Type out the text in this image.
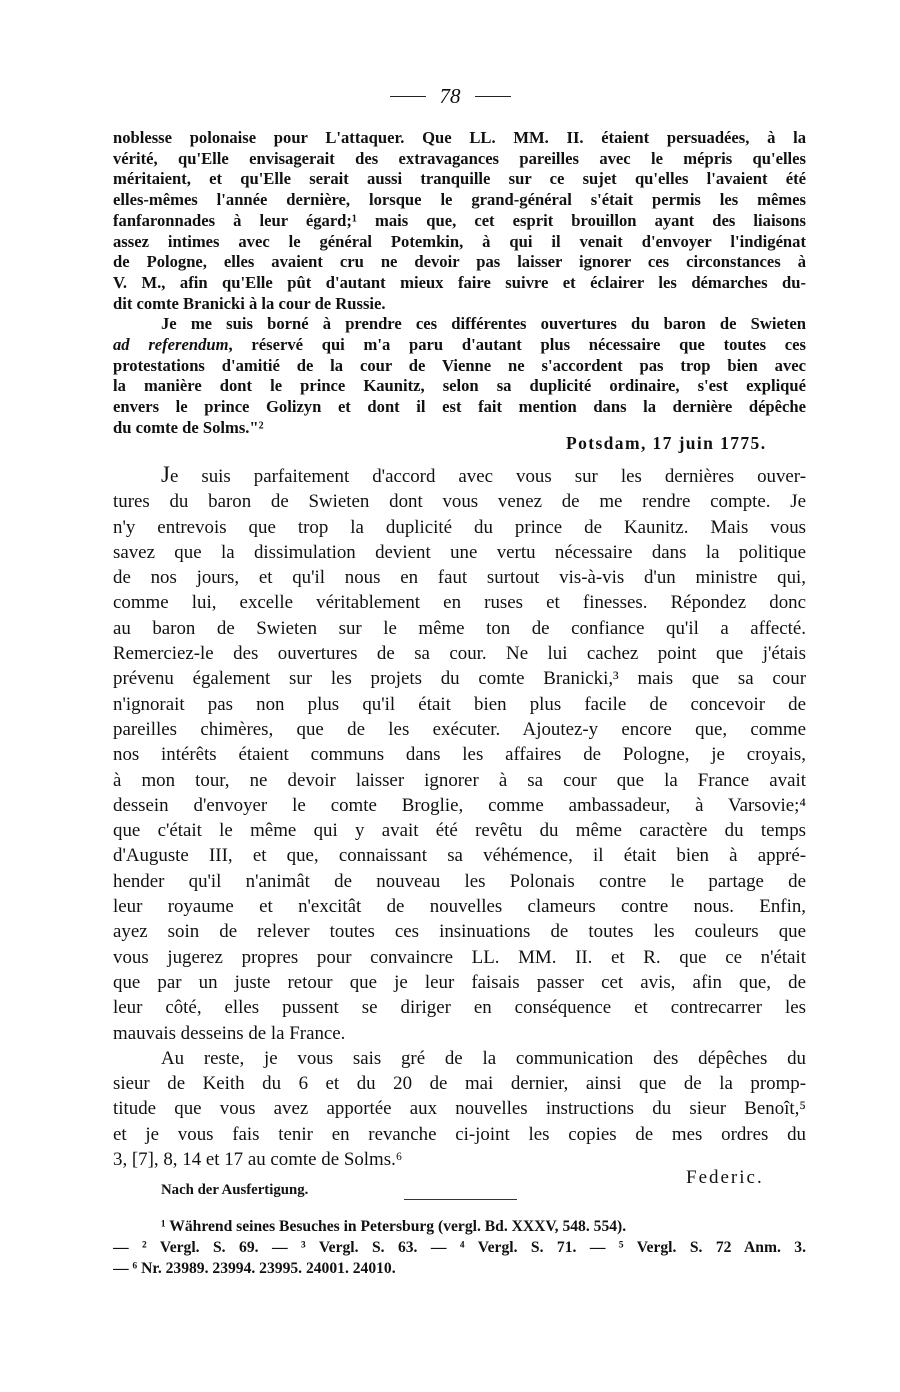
78
noblesse polonaise pour L'attaquer. Que LL. MM. II. étaient persuadées, à la
vérité, qu'Elle envisagerait des extravagances pareilles avec le mépris qu'elles
méritaient, et qu'Elle serait aussi tranquille sur ce sujet qu'elles l'avaient été
elles-mêmes l'année dernière, lorsque le grand-général s'était permis les mêmes
fanfaronnades à leur égard;¹ mais que, cet esprit brouillon ayant des liaisons
assez intimes avec le général Potemkin, à qui il venait d'envoyer l'indigénat
de Pologne, elles avaient cru ne devoir pas laisser ignorer ces circonstances à
V. M., afin qu'Elle pût d'autant mieux faire suivre et éclairer les démarches du-
dit comte Branicki à la cour de Russie.
Je me suis borné à prendre ces différentes ouvertures du baron de Swieten
ad referendum, réservé qui m'a paru d'autant plus nécessaire que toutes ces
protestations d'amitié de la cour de Vienne ne s'accordent pas trop bien avec
la manière dont le prince Kaunitz, selon sa duplicité ordinaire, s'est expliqué
envers le prince Golizyn et dont il est fait mention dans la dernière dépêche
du comte de Solms."²
Potsdam, 17 juin 1775.
Je suis parfaitement d'accord avec vous sur les dernières ouver-
tures du baron de Swieten dont vous venez de me rendre compte. Je
n'y entrevois que trop la duplicité du prince de Kaunitz. Mais vous
savez que la dissimulation devient une vertu nécessaire dans la politique
de nos jours, et qu'il nous en faut surtout vis-à-vis d'un ministre qui,
comme lui, excelle véritablement en ruses et finesses. Répondez donc
au baron de Swieten sur le même ton de confiance qu'il a affecté.
Remerciez-le des ouvertures de sa cour. Ne lui cachez point que j'étais
prévenu également sur les projets du comte Branicki,³ mais que sa cour
n'ignorait pas non plus qu'il était bien plus facile de concevoir de
pareilles chimères, que de les exécuter. Ajoutez-y encore que, comme
nos intérêts étaient communs dans les affaires de Pologne, je croyais,
à mon tour, ne devoir laisser ignorer à sa cour que la France avait
dessein d'envoyer le comte Broglie, comme ambassadeur, à Varsovie;⁴
que c'était le même qui y avait été revêtu du même caractère du temps
d'Auguste III, et que, connaissant sa véhémence, il était bien à appré-
hender qu'il n'animât de nouveau les Polonais contre le partage de
leur royaume et n'excitât de nouvelles clameurs contre nous. Enfin,
ayez soin de relever toutes ces insinuations de toutes les couleurs que
vous jugerez propres pour convaincre LL. MM. II. et R. que ce n'était
que par un juste retour que je leur faisais passer cet avis, afin que, de
leur côté, elles pussent se diriger en conséquence et contrecarrer les
mauvais desseins de la France.
Au reste, je vous sais gré de la communication des dépêches du
sieur de Keith du 6 et du 20 de mai dernier, ainsi que de la promp-
titude que vous avez apportée aux nouvelles instructions du sieur Benoît,⁵
et je vous fais tenir en revanche ci-joint les copies de mes ordres du
3, [7], 8, 14 et 17 au comte de Solms.⁶
Federic.
Nach der Ausfertigung.
¹ Während seines Besuches in Petersburg (vergl. Bd. XXXV, 548. 554).
— ² Vergl. S. 69. — ³ Vergl. S. 63. — ⁴ Vergl. S. 71. — ⁵ Vergl. S. 72 Anm. 3.
— ⁶ Nr. 23989. 23994. 23995. 24001. 24010.
